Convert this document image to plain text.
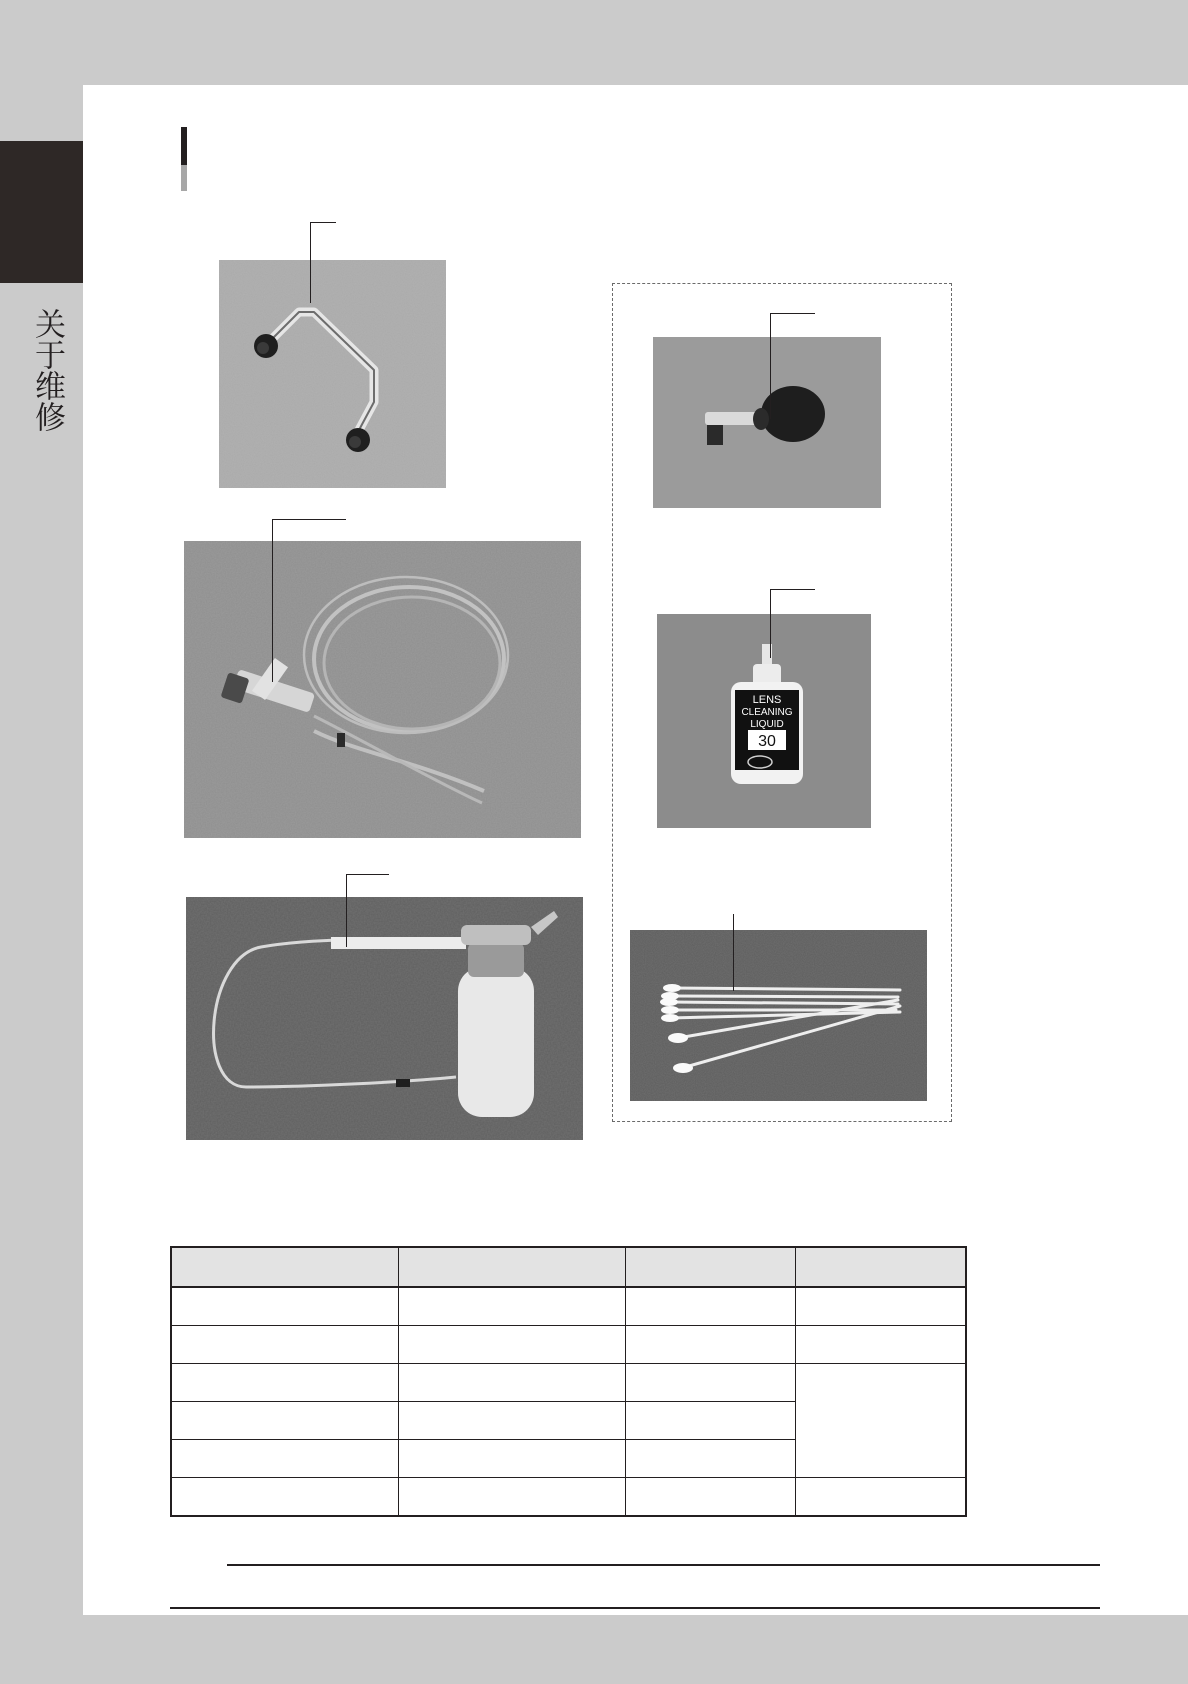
关于维修
LENS
CLEANING
LIQUID
30
